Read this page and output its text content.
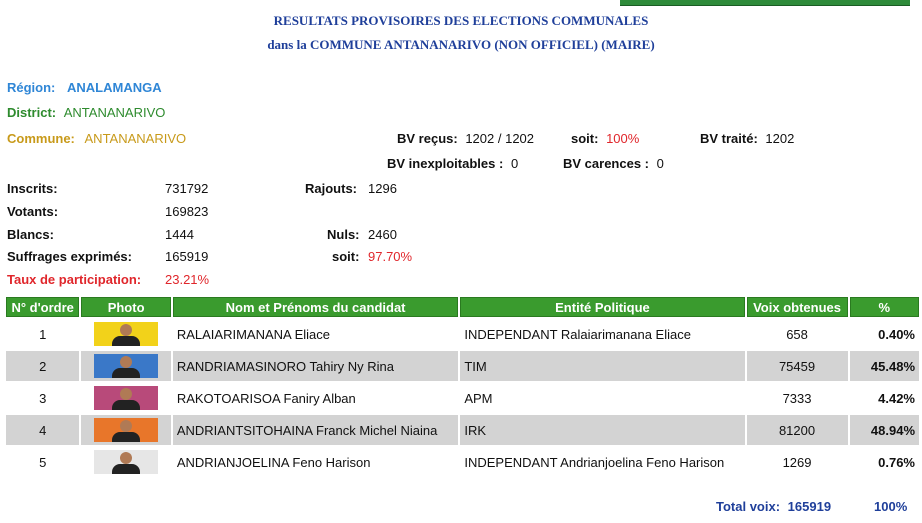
RESULTATS PROVISOIRES DES ELECTIONS COMMUNALES
dans la COMMUNE ANTANANARIVO (NON OFFICIEL) (MAIRE)
Région: ANALAMANGA
District: ANTANANARIVO
Commune: ANTANANARIVO	BV reçus: 1202 / 1202	soit: 100%	BV traité: 1202
BV inexploitables : 0	BV carences : 0
Inscrits:	731792	Rajouts: 1296
Votants:	169823
Blancs:	1444	Nuls: 2460
Suffrages exprimés:	165919	soit: 97.70%
Taux de participation: 23.21%
N° d'ordre	Photo	Nom et Prénoms du candidat	Entité Politique	Voix obtenues	%
1		RALAIARIMANANA Eliace	INDEPENDANT Ralaiarimanana Eliace	658	0.40%
2		RANDRIAMASINORO Tahiry Ny Rina	TIM	75459	45.48%
3		RAKOTOARISOA Faniry Alban	APM	7333	4.42%
4		ANDRIANTSITOHAINA Franck Michel Niaina	IRK	81200	48.94%
5		ANDRIANJOELINA Feno Harison	INDEPENDANT Andrianjoelina Feno Harison	1269	0.76%
Total voix: 165919	100%
